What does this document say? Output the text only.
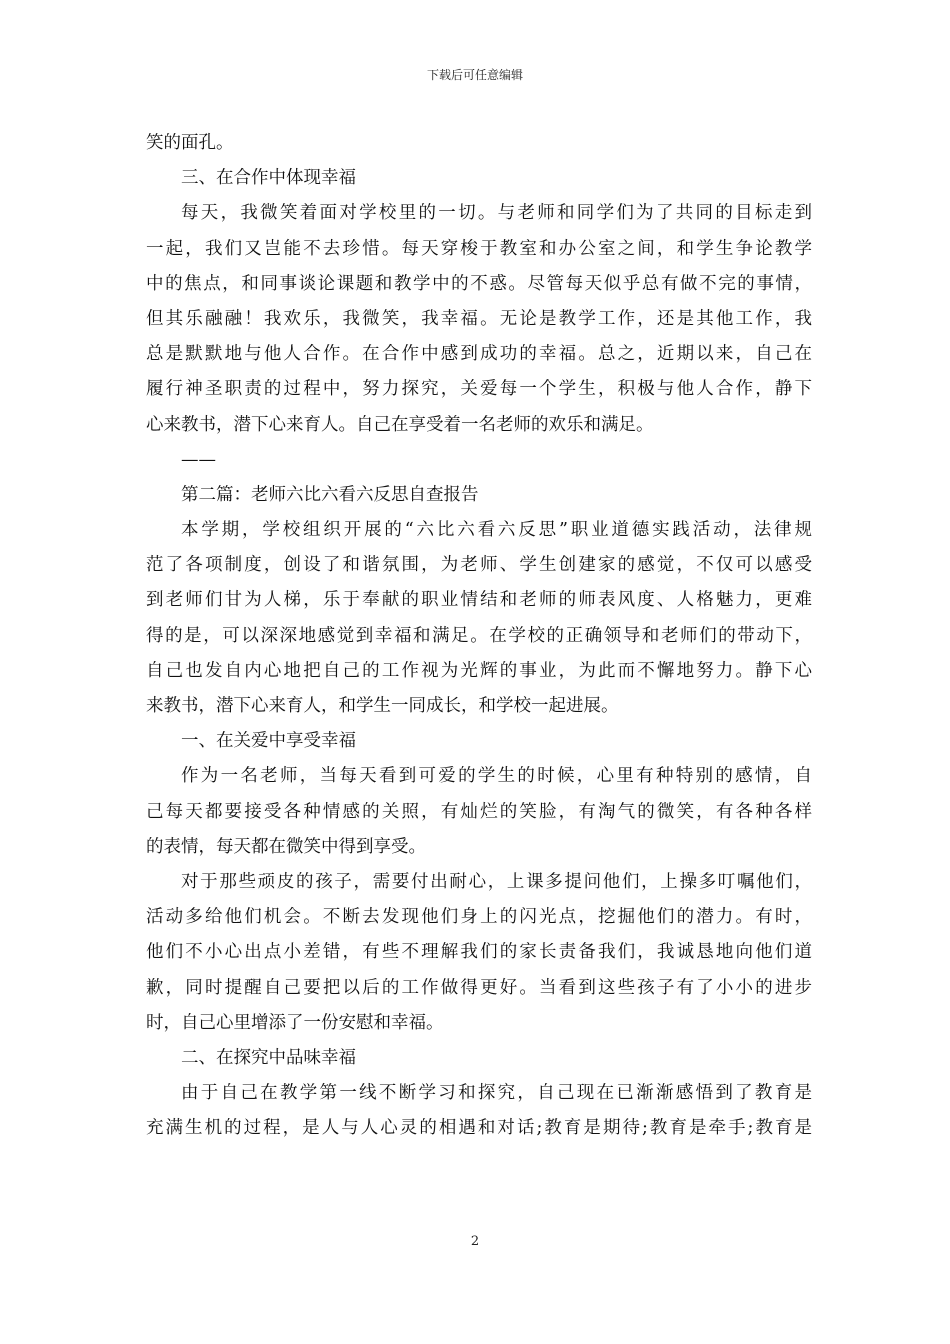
下载后可任意编辑
笑的面孔。
三、在合作中体现幸福
每天，我微笑着面对学校里的一切。与老师和同学们为了共同的目标走到
一起，我们又岂能不去珍惜。每天穿梭于教室和办公室之间，和学生争论教学
中的焦点，和同事谈论课题和教学中的不惑。尽管每天似乎总有做不完的事情，
但其乐融融！我欢乐，我微笑，我幸福。无论是教学工作，还是其他工作，我
总是默默地与他人合作。在合作中感到成功的幸福。总之，近期以来，自己在
履行神圣职责的过程中，努力探究，关爱每一个学生，积极与他人合作，静下
心来教书，潜下心来育人。自己在享受着一名老师的欢乐和满足。
——
第二篇：老师六比六看六反思自查报告
本学期，学校组织开展的“六比六看六反思”职业道德实践活动，法律规
范了各项制度，创设了和谐氛围，为老师、学生创建家的感觉，不仅可以感受
到老师们甘为人梯，乐于奉献的职业情结和老师的师表风度、人格魅力，更难
得的是，可以深深地感觉到幸福和满足。在学校的正确领导和老师们的带动下，
自己也发自内心地把自己的工作视为光辉的事业，为此而不懈地努力。静下心
来教书，潜下心来育人，和学生一同成长，和学校一起进展。
一、在关爱中享受幸福
作为一名老师，当每天看到可爱的学生的时候，心里有种特别的感情，自
己每天都要接受各种情感的关照，有灿烂的笑脸，有淘气的微笑，有各种各样
的表情，每天都在微笑中得到享受。
对于那些顽皮的孩子，需要付出耐心，上课多提问他们，上操多叮嘱他们，
活动多给他们机会。不断去发现他们身上的闪光点，挖掘他们的潜力。有时，
他们不小心出点小差错，有些不理解我们的家长责备我们，我诚恳地向他们道
歉，同时提醒自己要把以后的工作做得更好。当看到这些孩子有了小小的进步
时，自己心里增添了一份安慰和幸福。
二、在探究中品味幸福
由于自己在教学第一线不断学习和探究，自己现在已渐渐感悟到了教育是
充满生机的过程，是人与人心灵的相遇和对话;教育是期待;教育是牵手;教育是
2
